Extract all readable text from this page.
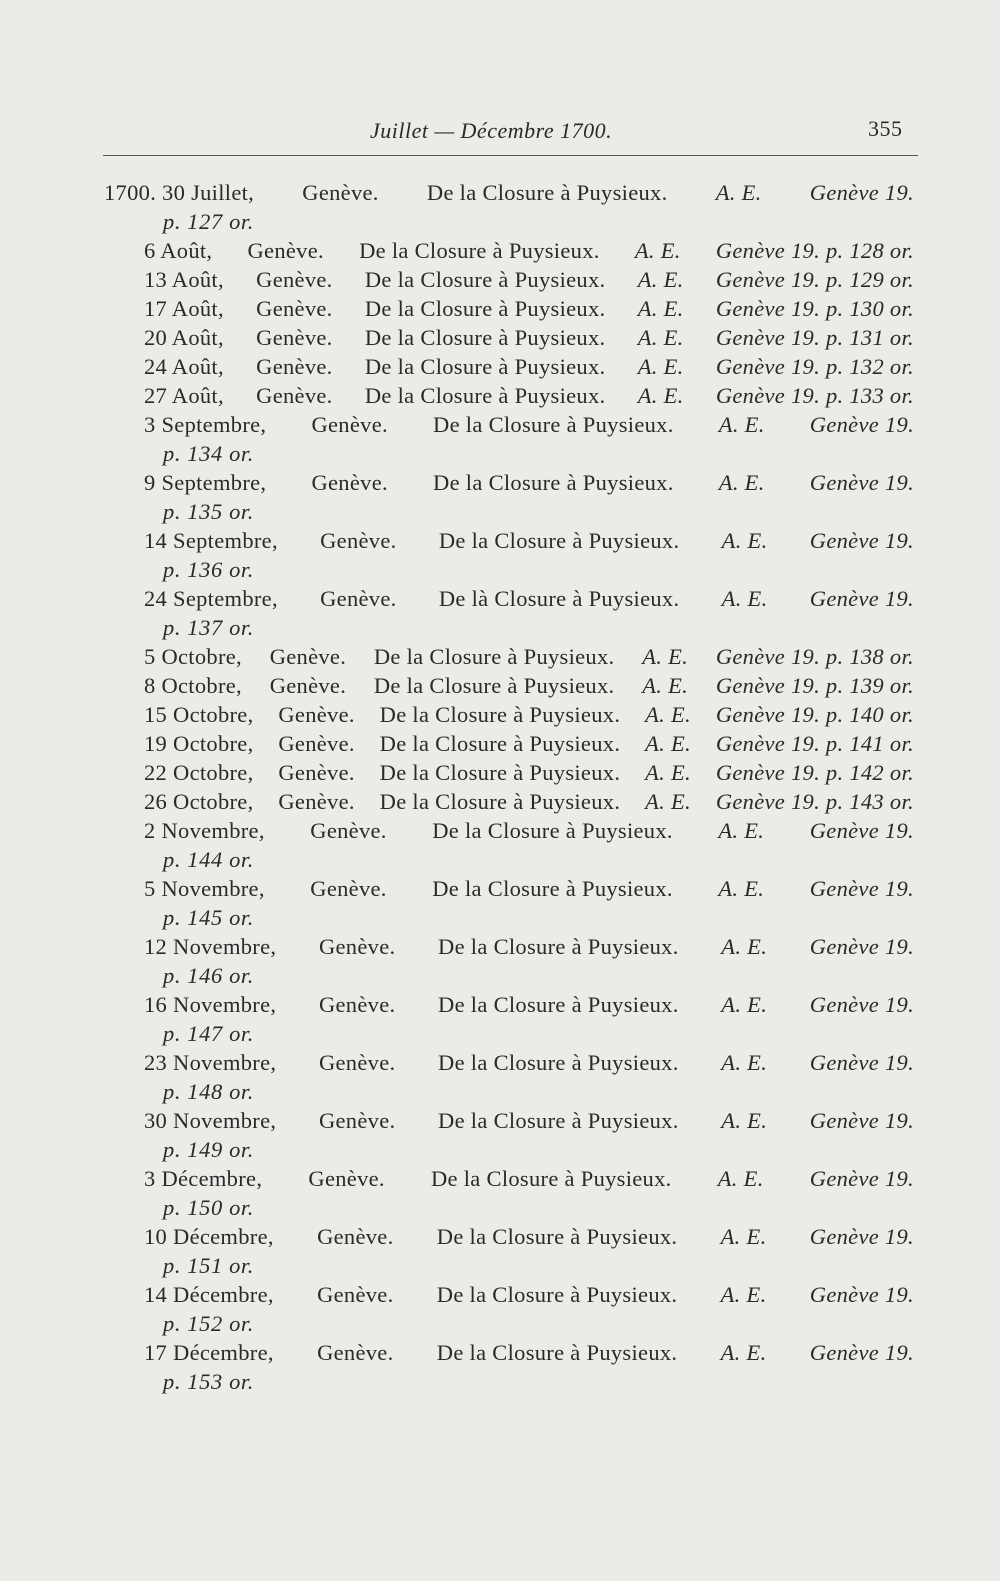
Juillet — Décembre 1700.	355
1700. 30 Juillet, Genève. De la Closure à Puysieux. A. E. Genève 19.
p. 127 or.
6 Août, Genève. De la Closure à Puysieux. A. E. Genève 19. p. 128 or.
13 Août, Genève. De la Closure à Puysieux. A. E. Genève 19. p. 129 or.
17 Août, Genève. De la Closure à Puysieux. A. E. Genève 19. p. 130 or.
20 Août, Genève. De la Closure à Puysieux. A. E. Genève 19. p. 131 or.
24 Août, Genève. De la Closure à Puysieux. A. E. Genève 19. p. 132 or.
27 Août, Genève. De la Closure à Puysieux. A. E. Genève 19. p. 133 or.
3 Septembre, Genève. De la Closure à Puysieux. A. E. Genève 19.
p. 134 or.
9 Septembre, Genève. De la Closure à Puysieux. A. E. Genève 19.
p. 135 or.
14 Septembre, Genève. De la Closure à Puysieux. A. E. Genève 19.
p. 136 or.
24 Septembre, Genève. De là Closure à Puysieux. A. E. Genève 19.
p. 137 or.
5 Octobre, Genève. De la Closure à Puysieux. A. E. Genève 19. p. 138 or.
8 Octobre, Genève. De la Closure à Puysieux. A. E. Genève 19. p. 139 or.
15 Octobre, Genève. De la Closure à Puysieux. A. E. Genève 19. p. 140 or.
19 Octobre, Genève. De la Closure à Puysieux. A. E. Genève 19. p. 141 or.
22 Octobre, Genève. De la Closure à Puysieux. A. E. Genève 19. p. 142 or.
26 Octobre, Genève. De la Closure à Puysieux. A. E. Genève 19. p. 143 or.
2 Novembre, Genève. De la Closure à Puysieux. A. E. Genève 19.
p. 144 or.
5 Novembre, Genève. De la Closure à Puysieux. A. E. Genève 19.
p. 145 or.
12 Novembre, Genève. De la Closure à Puysieux. A. E. Genève 19.
p. 146 or.
16 Novembre, Genève. De la Closure à Puysieux. A. E. Genève 19.
p. 147 or.
23 Novembre, Genève. De la Closure à Puysieux. A. E. Genève 19.
p. 148 or.
30 Novembre, Genève. De la Closure à Puysieux. A. E. Genève 19.
p. 149 or.
3 Décembre, Genève. De la Closure à Puysieux. A. E. Genève 19.
p. 150 or.
10 Décembre, Genève. De la Closure à Puysieux. A. E. Genève 19.
p. 151 or.
14 Décembre, Genève. De la Closure à Puysieux. A. E. Genève 19.
p. 152 or.
17 Décembre, Genève. De la Closure à Puysieux. A. E. Genève 19.
p. 153 or.
